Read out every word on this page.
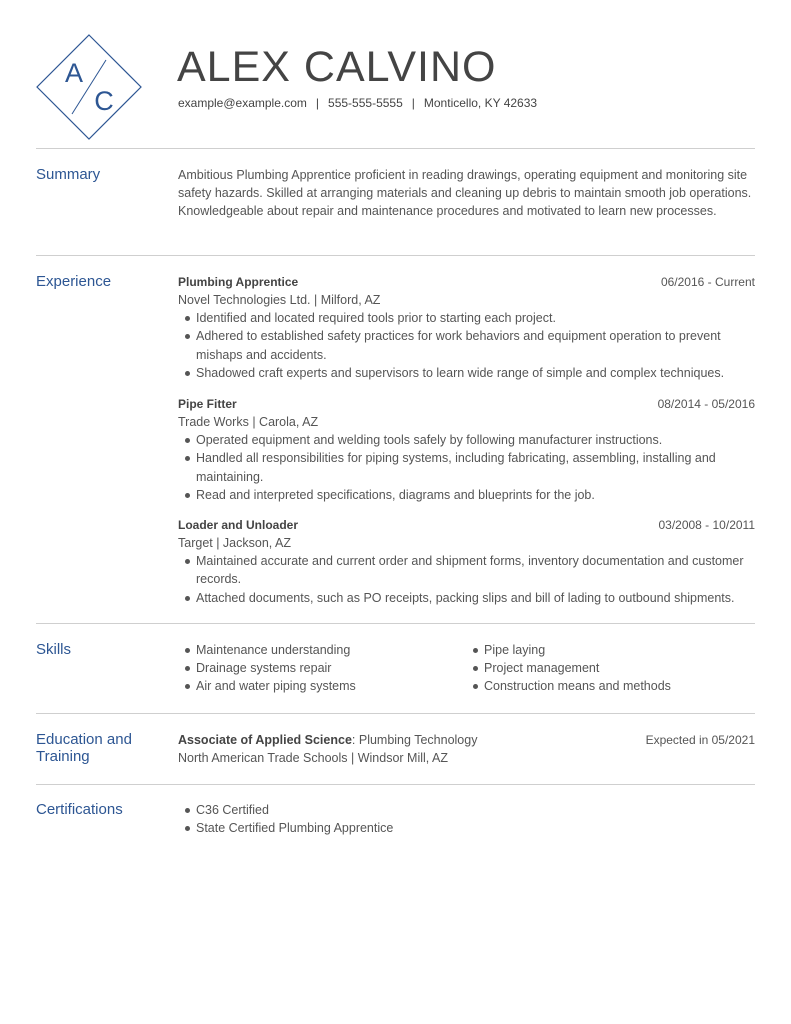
A
C
ALEX CALVINO
example@example.com | 555-555-5555 | Monticello, KY 42633
Summary	Ambitious Plumbing Apprentice proficient in reading drawings, operating equipment and monitoring site safety hazards. Skilled at arranging materials and cleaning up debris to maintain smooth job operations. Knowledgeable about repair and maintenance procedures and motivated to learn new processes.
Experience	Plumbing Apprentice	06/2016 - Current
Novel Technologies Ltd. | Milford, AZ
Identified and located required tools prior to starting each project.
Adhered to established safety practices for work behaviors and equipment operation to prevent mishaps and accidents.
Shadowed craft experts and supervisors to learn wide range of simple and complex techniques.
Pipe Fitter	08/2014 - 05/2016
Trade Works | Carola, AZ
Operated equipment and welding tools safely by following manufacturer instructions.
Handled all responsibilities for piping systems, including fabricating, assembling, installing and maintaining.
Read and interpreted specifications, diagrams and blueprints for the job.
Loader and Unloader	03/2008 - 10/2011
Target | Jackson, AZ
Maintained accurate and current order and shipment forms, inventory documentation and customer records.
Attached documents, such as PO receipts, packing slips and bill of lading to outbound shipments.
Skills	Maintenance understanding
Drainage systems repair
Air and water piping systems
Pipe laying
Project management
Construction means and methods
Education and
Training
Associate of Applied Science: Plumbing Technology	Expected in 05/2021
North American Trade Schools | Windsor Mill, AZ
Certifications	C36 Certified
State Certified Plumbing Apprentice
